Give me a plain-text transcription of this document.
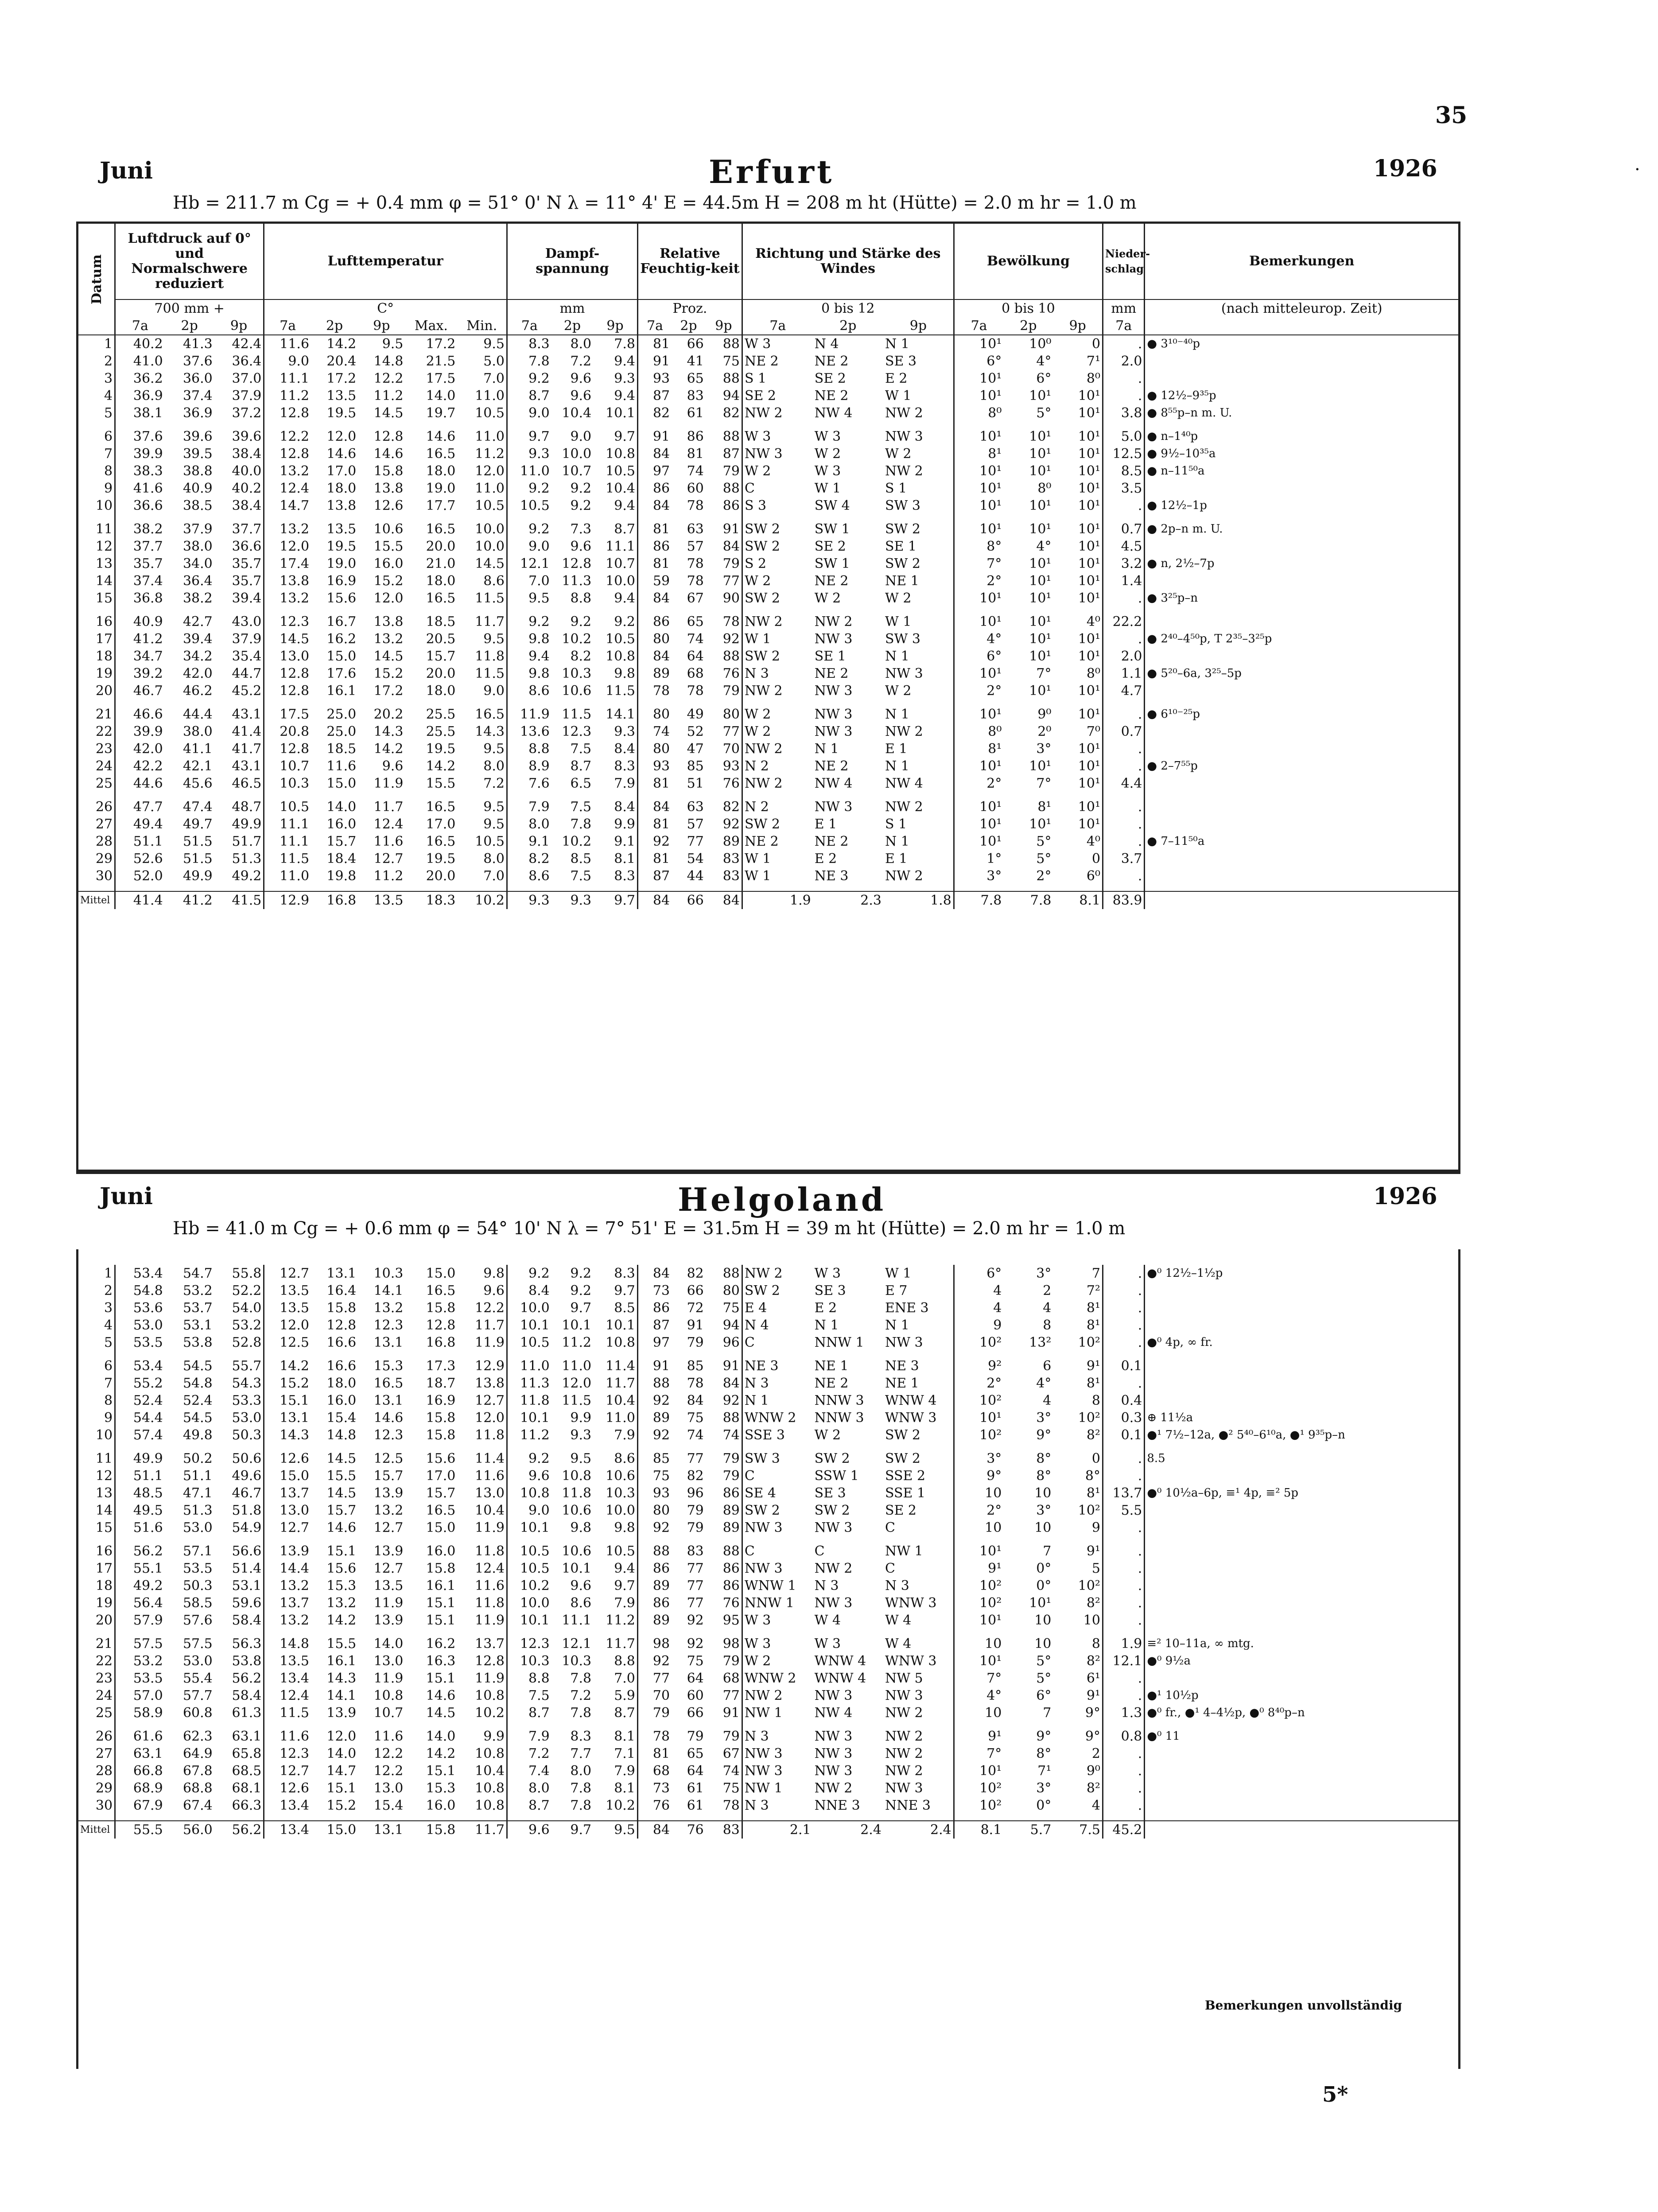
35
5*
Juni	Erfurt	1926
Hb = 211.7 m Cg = + 0.4 mm φ = 51° 0' N λ = 11° 4' E = 44.5m H = 208 m ht (Hütte) = 2.0 m hr = 1.0 m
Datum	Luftdruck auf 0° und Normalschwere reduziert			Lufttemperatur					Dampf-spannung			Relative Feuchtig-keit			Richtung und Stärke des Windes			Bewölkung			Nieder-schlag	Bemerkungen
	700 mm +			C°					mm			Proz.			0 bis 12			0 bis 10			mm	(nach mitteleurop. Zeit)
	7a	2p	9p	7a	2p	9p	Max.	Min.	7a	2p	9p	7a	2p	9p	7a	2p	9p	7a	2p	9p	7a	
1	40.2	41.3	42.4	11.6	14.2	9.5	17.2	9.5	8.3	8.0	7.8	81	66	88	W 3	N 4	N 1	10¹	10⁰	0	.	● 3¹⁰⁻⁴⁰p
2	41.0	37.6	36.4	9.0	20.4	14.8	21.5	5.0	7.8	7.2	9.4	91	41	75	NE 2	NE 2	SE 3	6°	4°	7¹	2.0	
3	36.2	36.0	37.0	11.1	17.2	12.2	17.5	7.0	9.2	9.6	9.3	93	65	88	S 1	SE 2	E 2	10¹	6°	8⁰	.	
4	36.9	37.4	37.9	11.2	13.5	11.2	14.0	11.0	8.7	9.6	9.4	87	83	94	SE 2	NE 2	W 1	10¹	10¹	10¹	.	● 12½–9³⁵p
5	38.1	36.9	37.2	12.8	19.5	14.5	19.7	10.5	9.0	10.4	10.1	82	61	82	NW 2	NW 4	NW 2	8⁰	5°	10¹	3.8	● 8⁵⁵p–n m. U.

6	37.6	39.6	39.6	12.2	12.0	12.8	14.6	11.0	9.7	9.0	9.7	91	86	88	W 3	W 3	NW 3	10¹	10¹	10¹	5.0	● n–1⁴⁰p
7	39.9	39.5	38.4	12.8	14.6	14.6	16.5	11.2	9.3	10.0	10.8	84	81	87	NW 3	W 2	W 2	8¹	10¹	10¹	12.5	● 9½–10³⁵a
8	38.3	38.8	40.0	13.2	17.0	15.8	18.0	12.0	11.0	10.7	10.5	97	74	79	W 2	W 3	NW 2	10¹	10¹	10¹	8.5	● n–11⁵⁰a
9	41.6	40.9	40.2	12.4	18.0	13.8	19.0	11.0	9.2	9.2	10.4	86	60	88	C	W 1	S 1	10¹	8⁰	10¹	3.5	
10	36.6	38.5	38.4	14.7	13.8	12.6	17.7	10.5	10.5	9.2	9.4	84	78	86	S 3	SW 4	SW 3	10¹	10¹	10¹	.	● 12½–1p

11	38.2	37.9	37.7	13.2	13.5	10.6	16.5	10.0	9.2	7.3	8.7	81	63	91	SW 2	SW 1	SW 2	10¹	10¹	10¹	0.7	● 2p–n m. U.
12	37.7	38.0	36.6	12.0	19.5	15.5	20.0	10.0	9.0	9.6	11.1	86	57	84	SW 2	SE 2	SE 1	8°	4°	10¹	4.5	
13	35.7	34.0	35.7	17.4	19.0	16.0	21.0	14.5	12.1	12.8	10.7	81	78	79	S 2	SW 1	SW 2	7°	10¹	10¹	3.2	● n, 2½–7p
14	37.4	36.4	35.7	13.8	16.9	15.2	18.0	8.6	7.0	11.3	10.0	59	78	77	W 2	NE 2	NE 1	2°	10¹	10¹	1.4	
15	36.8	38.2	39.4	13.2	15.6	12.0	16.5	11.5	9.5	8.8	9.4	84	67	90	SW 2	W 2	W 2	10¹	10¹	10¹	.	● 3²⁵p–n

16	40.9	42.7	43.0	12.3	16.7	13.8	18.5	11.7	9.2	9.2	9.2	86	65	78	NW 2	NW 2	W 1	10¹	10¹	4⁰	22.2	
17	41.2	39.4	37.9	14.5	16.2	13.2	20.5	9.5	9.8	10.2	10.5	80	74	92	W 1	NW 3	SW 3	4°	10¹	10¹	.	● 2⁴⁰–4⁵⁰p, T 2³⁵–3²⁵p
18	34.7	34.2	35.4	13.0	15.0	14.5	15.7	11.8	9.4	8.2	10.8	84	64	88	SW 2	SE 1	N 1	6°	10¹	10¹	2.0	
19	39.2	42.0	44.7	12.8	17.6	15.2	20.0	11.5	9.8	10.3	9.8	89	68	76	N 3	NE 2	NW 3	10¹	7°	8⁰	1.1	● 5²⁰–6a, 3²⁵–5p
20	46.7	46.2	45.2	12.8	16.1	17.2	18.0	9.0	8.6	10.6	11.5	78	78	79	NW 2	NW 3	W 2	2°	10¹	10¹	4.7	

21	46.6	44.4	43.1	17.5	25.0	20.2	25.5	16.5	11.9	11.5	14.1	80	49	80	W 2	NW 3	N 1	10¹	9⁰	10¹	.	● 6¹⁰⁻²⁵p
22	39.9	38.0	41.4	20.8	25.0	14.3	25.5	14.3	13.6	12.3	9.3	74	52	77	W 2	NW 3	NW 2	8⁰	2⁰	7⁰	0.7	
23	42.0	41.1	41.7	12.8	18.5	14.2	19.5	9.5	8.8	7.5	8.4	80	47	70	NW 2	N 1	E 1	8¹	3°	10¹	.	
24	42.2	42.1	43.1	10.7	11.6	9.6	14.2	8.0	8.9	8.7	8.3	93	85	93	N 2	NE 2	N 1	10¹	10¹	10¹	.	● 2–7⁵⁵p
25	44.6	45.6	46.5	10.3	15.0	11.9	15.5	7.2	7.6	6.5	7.9	81	51	76	NW 2	NW 4	NW 4	2°	7°	10¹	4.4	

26	47.7	47.4	48.7	10.5	14.0	11.7	16.5	9.5	7.9	7.5	8.4	84	63	82	N 2	NW 3	NW 2	10¹	8¹	10¹	.	
27	49.4	49.7	49.9	11.1	16.0	12.4	17.0	9.5	8.0	7.8	9.9	81	57	92	SW 2	E 1	S 1	10¹	10¹	10¹	.	
28	51.1	51.5	51.7	11.1	15.7	11.6	16.5	10.5	9.1	10.2	9.1	92	77	89	NE 2	NE 2	N 1	10¹	5°	4⁰	.	● 7–11⁵⁰a
29	52.6	51.5	51.3	11.5	18.4	12.7	19.5	8.0	8.2	8.5	8.1	81	54	83	W 1	E 2	E 1	1°	5°	0	3.7	
30	52.0	49.9	49.2	11.0	19.8	11.2	20.0	7.0	8.6	7.5	8.3	87	44	83	W 1	NE 3	NW 2	3°	2°	6⁰	.	

Mittel	41.4	41.2	41.5	12.9	16.8	13.5	18.3	10.2	9.3	9.3	9.7	84	66	84	1.9	2.3	1.8	7.8	7.8	8.1	83.9	
Juni	Helgoland	1926
Hb = 41.0 m Cg = + 0.6 mm φ = 54° 10' N λ = 7° 51' E = 31.5m H = 39 m ht (Hütte) = 2.0 m hr = 1.0 m
1	53.4	54.7	55.8	12.7	13.1	10.3	15.0	9.8	9.2	9.2	8.3	84	82	88	NW 2	W 3	W 1	6°	3°	7	.	●⁰ 12½–1½p
2	54.8	53.2	52.2	13.5	16.4	14.1	16.5	9.6	8.4	9.2	9.7	73	66	80	SW 2	SE 3	E 7	4	2	7²	.	
3	53.6	53.7	54.0	13.5	15.8	13.2	15.8	12.2	10.0	9.7	8.5	86	72	75	E 4	E 2	ENE 3	4	4	8¹	.	
4	53.0	53.1	53.2	12.0	12.8	12.3	12.8	11.7	10.1	10.1	10.1	87	91	94	N 4	N 1	N 1	9	8	8¹	.	
5	53.5	53.8	52.8	12.5	16.6	13.1	16.8	11.9	10.5	11.2	10.8	97	79	96	C	NNW 1	NW 3	10²	13²	10²	.	●⁰ 4p, ∞ fr.

6	53.4	54.5	55.7	14.2	16.6	15.3	17.3	12.9	11.0	11.0	11.4	91	85	91	NE 3	NE 1	NE 3	9²	6	9¹	0.1	
7	55.2	54.8	54.3	15.2	18.0	16.5	18.7	13.8	11.3	12.0	11.7	88	78	84	N 3	NE 2	NE 1	2°	4°	8¹	.	
8	52.4	52.4	53.3	15.1	16.0	13.1	16.9	12.7	11.8	11.5	10.4	92	84	92	N 1	NNW 3	WNW 4	10²	4	8	0.4	
9	54.4	54.5	53.0	13.1	15.4	14.6	15.8	12.0	10.1	9.9	11.0	89	75	88	WNW 2	NNW 3	WNW 3	10¹	3°	10²	0.3	⊕ 11½a
10	57.4	49.8	50.3	14.3	14.8	12.3	15.8	11.8	11.2	9.3	7.9	92	74	74	SSE 3	W 2	SW 2	10²	9°	8²	0.1	●¹ 7½–12a, ●² 5⁴⁰–6¹⁰a, ●¹ 9³⁵p–n

11	49.9	50.2	50.6	12.6	14.5	12.5	15.6	11.4	9.2	9.5	8.6	85	77	79	SW 3	SW 2	SW 2	3°	8°	0	.	8.5
12	51.1	51.1	49.6	15.0	15.5	15.7	17.0	11.6	9.6	10.8	10.6	75	82	79	C	SSW 1	SSE 2	9°	8°	8°	.	
13	48.5	47.1	46.7	13.7	14.5	13.9	15.7	13.0	10.8	11.8	10.3	93	96	86	SE 4	SE 3	SSE 1	10	10	8¹	13.7	●⁰ 10½a–6p, ≡¹ 4p, ≡² 5p
14	49.5	51.3	51.8	13.0	15.7	13.2	16.5	10.4	9.0	10.6	10.0	80	79	89	SW 2	SW 2	SE 2	2°	3°	10²	5.5	
15	51.6	53.0	54.9	12.7	14.6	12.7	15.0	11.9	10.1	9.8	9.8	92	79	89	NW 3	NW 3	C	10	10	9	.	

16	56.2	57.1	56.6	13.9	15.1	13.9	16.0	11.8	10.5	10.6	10.5	88	83	88	C	C	NW 1	10¹	7	9¹	.	
17	55.1	53.5	51.4	14.4	15.6	12.7	15.8	12.4	10.5	10.1	9.4	86	77	86	NW 3	NW 2	C	9¹	0°	5	.	
18	49.2	50.3	53.1	13.2	15.3	13.5	16.1	11.6	10.2	9.6	9.7	89	77	86	WNW 1	N 3	N 3	10²	0°	10²	.	
19	56.4	58.5	59.6	13.7	13.2	11.9	15.1	11.8	10.0	8.6	7.9	86	77	76	NNW 1	NW 3	WNW 3	10²	10¹	8²	.	
20	57.9	57.6	58.4	13.2	14.2	13.9	15.1	11.9	10.1	11.1	11.2	89	92	95	W 3	W 4	W 4	10¹	10	10	.	

21	57.5	57.5	56.3	14.8	15.5	14.0	16.2	13.7	12.3	12.1	11.7	98	92	98	W 3	W 3	W 4	10	10	8	1.9	≡² 10–11a, ∞ mtg.
22	53.2	53.0	53.8	13.5	16.1	13.0	16.3	12.8	10.3	10.3	8.8	92	75	79	W 2	WNW 4	WNW 3	10¹	5°	8²	12.1	●⁰ 9½a
23	53.5	55.4	56.2	13.4	14.3	11.9	15.1	11.9	8.8	7.8	7.0	77	64	68	WNW 2	WNW 4	NW 5	7°	5°	6¹	.	
24	57.0	57.7	58.4	12.4	14.1	10.8	14.6	10.8	7.5	7.2	5.9	70	60	77	NW 2	NW 3	NW 3	4°	6°	9¹	.	●¹ 10½p
25	58.9	60.8	61.3	11.5	13.9	10.7	14.5	10.2	8.7	7.8	8.7	79	66	91	NW 1	NW 4	NW 2	10	7	9°	1.3	●⁰ fr., ●¹ 4–4½p, ●⁰ 8⁴⁰p–n

26	61.6	62.3	63.1	11.6	12.0	11.6	14.0	9.9	7.9	8.3	8.1	78	79	79	N 3	NW 3	NW 2	9¹	9°	9°	0.8	●⁰ 11
27	63.1	64.9	65.8	12.3	14.0	12.2	14.2	10.8	7.2	7.7	7.1	81	65	67	NW 3	NW 3	NW 2	7°	8°	2	.	
28	66.8	67.8	68.5	12.7	14.7	12.2	15.1	10.4	7.4	8.0	7.9	68	64	74	NW 3	NW 3	NW 2	10¹	7¹	9⁰	.	
29	68.9	68.8	68.1	12.6	15.1	13.0	15.3	10.8	8.0	7.8	8.1	73	61	75	NW 1	NW 2	NW 3	10²	3°	8²	.	
30	67.9	67.4	66.3	13.4	15.2	15.4	16.0	10.8	8.7	7.8	10.2	76	61	78	N 3	NNE 3	NNE 3	10²	0°	4	.	

Mittel	55.5	56.0	56.2	13.4	15.0	13.1	15.8	11.7	9.6	9.7	9.5	84	76	83	2.1	2.4	2.4	8.1	5.7	7.5	45.2	
Bemerkungen unvollständig
·
